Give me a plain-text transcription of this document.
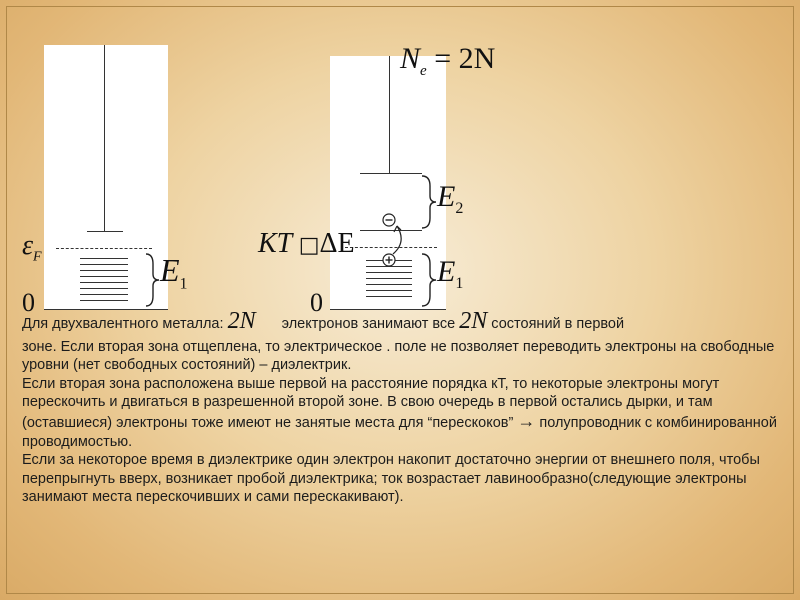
$\varepsilon_F$	$E_1$
0
$N_e = 2N$
$E_2$
$E_1$
KT □ΔE
0

Для двухвалентного металла: 2N электронов занимают все 2N состояний в первой

зоне. Если вторая зона отщеплена, то электрическое . поле не позволяет переводить электроны на свободные уровни (нет свободных состояний) – диэлектрик.

Если вторая зона расположена выше первой на расстояние порядка кТ, то некоторые электроны могут перескочить и двигаться в разрешенной второй зоне. В свою очередь в первой остались дырки, и там (оставшиеся) электроны тоже имеют не занятые места для “перескоков” → полупроводник с комбинированной проводимостью.

Если за некоторое время в диэлектрике один электрон накопит достаточно энергии от внешнего поля, чтобы перепрыгнуть вверх, возникает пробой диэлектрика; ток возрастает лавинообразно(следующие электроны занимают места перескочивших и сами перескакивают).
